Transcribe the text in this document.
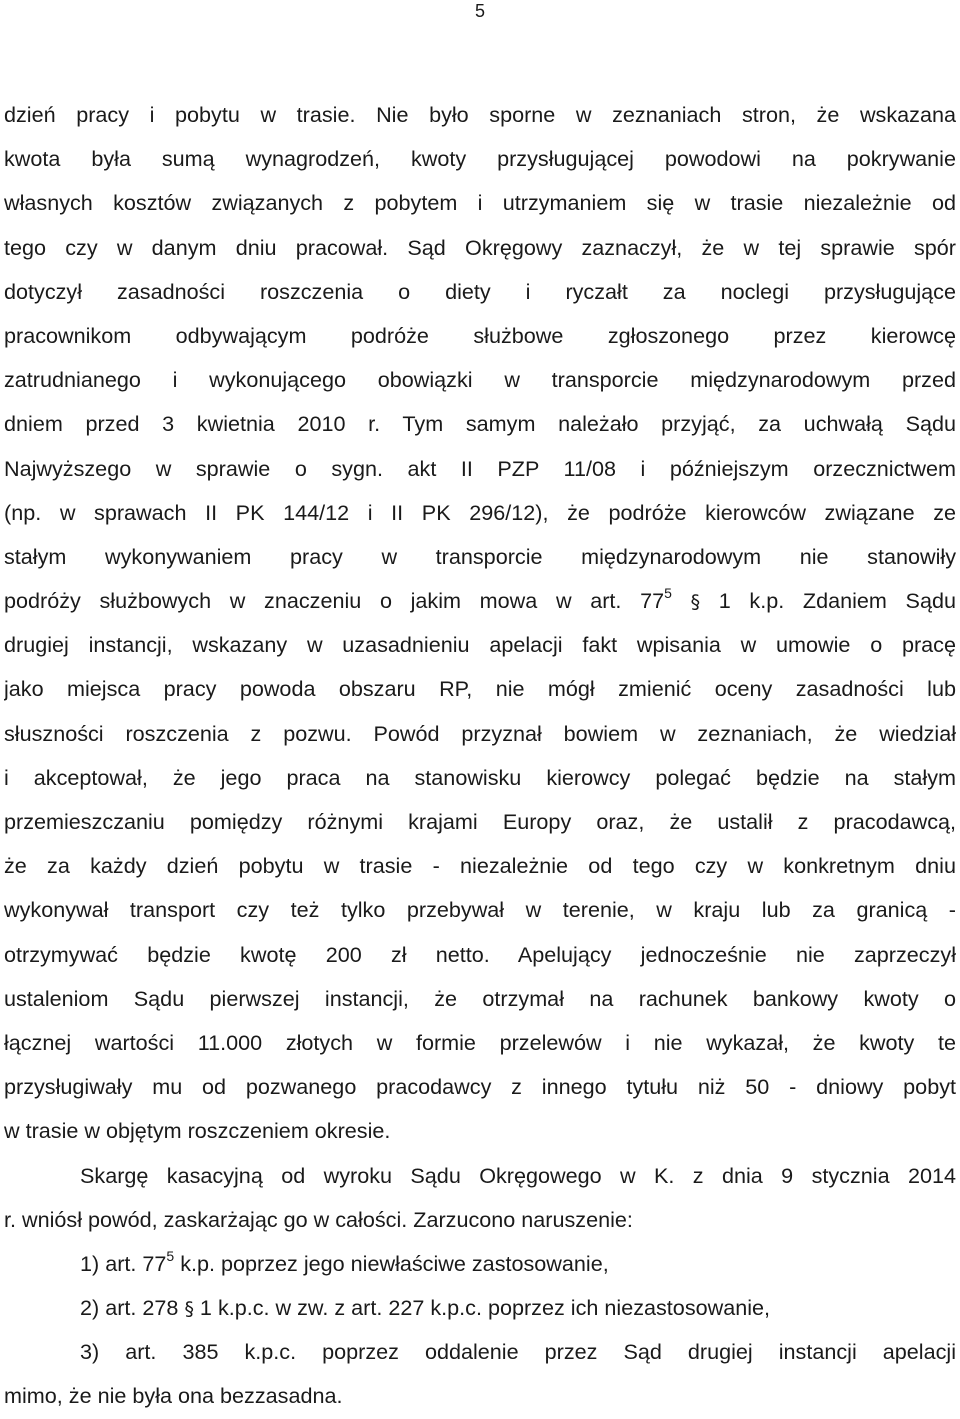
5
dzień pracy i pobytu w trasie. Nie było sporne w zeznaniach stron, że wskazana
kwota była sumą wynagrodzeń, kwoty przysługującej powodowi na pokrywanie
własnych kosztów związanych z pobytem i utrzymaniem się w trasie niezależnie od
tego czy w danym dniu pracował. Sąd Okręgowy zaznaczył, że w tej sprawie spór
dotyczył zasadności roszczenia o diety i ryczałt za noclegi przysługujące
pracownikom odbywającym podróże służbowe zgłoszonego przez kierowcę
zatrudnianego i wykonującego obowiązki w transporcie międzynarodowym przed
dniem przed 3 kwietnia 2010 r. Tym samym należało przyjąć, za uchwałą Sądu
Najwyższego w sprawie o sygn. akt II PZP 11/08 i późniejszym orzecznictwem
(np. w sprawach II PK 144/12 i II PK 296/12), że podróże kierowców związane ze
stałym wykonywaniem pracy w transporcie międzynarodowym nie stanowiły
podróży służbowych w znaczeniu o jakim mowa w art. $77^5$ § 1 k.p. Zdaniem Sądu
drugiej instancji, wskazany w uzasadnieniu apelacji fakt wpisania w umowie o pracę
jako miejsca pracy powoda obszaru RP, nie mógł zmienić oceny zasadności lub
słuszności roszczenia z pozwu. Powód przyznał bowiem w zeznaniach, że wiedział
i akceptował, że jego praca na stanowisku kierowcy polegać będzie na stałym
przemieszczaniu pomiędzy różnymi krajami Europy oraz, że ustalił z pracodawcą,
że za każdy dzień pobytu w trasie - niezależnie od tego czy w konkretnym dniu
wykonywał transport czy też tylko przebywał w terenie, w kraju lub za granicą -
otrzymywać będzie kwotę 200 zł netto. Apelujący jednocześnie nie zaprzeczył
ustaleniom Sądu pierwszej instancji, że otrzymał na rachunek bankowy kwoty o
łącznej wartości 11.000 złotych w formie przelewów i nie wykazał, że kwoty te
przysługiwały mu od pozwanego pracodawcy z innego tytułu niż 50 - dniowy pobyt
w trasie w objętym roszczeniem okresie.
Skargę kasacyjną od wyroku Sądu Okręgowego w K. z dnia 9 stycznia 2014
r. wniósł powód, zaskarżając go w całości. Zarzucono naruszenie:
1) art. $77^5$ k.p. poprzez jego niewłaściwe zastosowanie,
2) art. 278 § 1 k.p.c. w zw. z art. 227 k.p.c. poprzez ich niezastosowanie,
3) art. 385 k.p.c. poprzez oddalenie przez Sąd drugiej instancji apelacji
mimo, że nie była ona bezzasadna.
